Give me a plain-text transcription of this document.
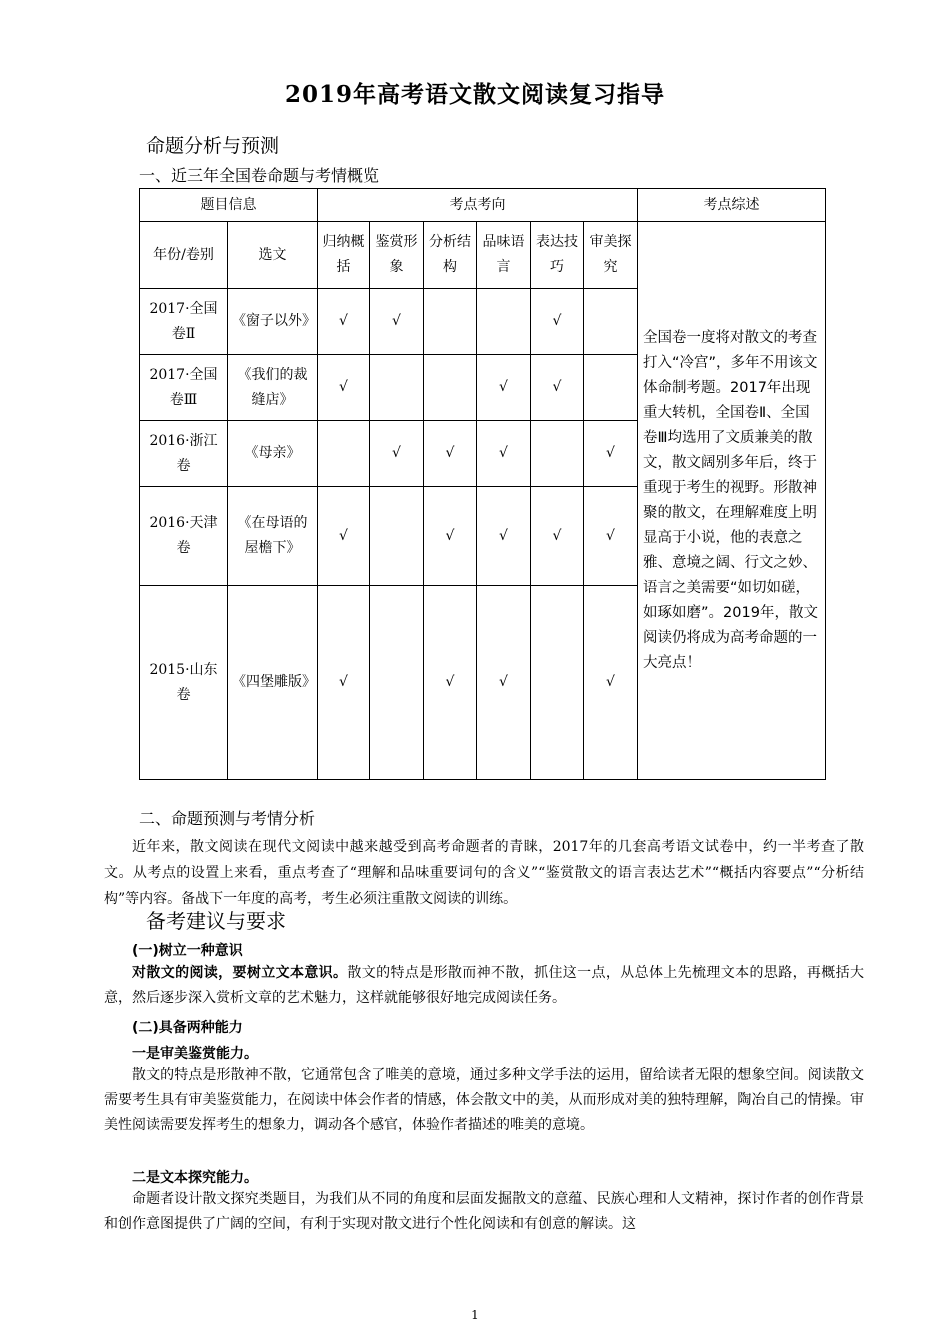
2019年高考语文散文阅读复习指导
命题分析与预测
一、近三年全国卷命题与考情概览
题目信息		考点考向						考点综述
年份/卷别	选文	归纳概括	鉴赏形象	分析结构	品味语言	表达技巧	审美探究	全国卷一度将对散文的考查打入“冷宫”，多年不用该文体命制考题。2017年出现重大转机，全国卷Ⅱ、全国卷Ⅲ均选用了文质兼美的散文，散文阔别多年后，终于重现于考生的视野。形散神聚的散文，在理解难度上明显高于小说，他的表意之雅、意境之阔、行文之妙、语言之美需要“如切如磋，如琢如磨”。2019年，散文阅读仍将成为高考命题的一大亮点！
2017·全国卷Ⅱ	《窗子以外》	√	√			√		
2017·全国卷Ⅲ	《我们的裁缝店》	√			√	√		
2016·浙江卷	《母亲》		√	√	√		√	
2016·天津卷	《在母语的屋檐下》	√		√	√	√	√	
2015·山东卷	《四堡雕版》	√		√	√		√	
二、命题预测与考情分析
近年来，散文阅读在现代文阅读中越来越受到高考命题者的青睐，2017年的几套高考语文试卷中，约一半考查了散文。从考点的设置上来看，重点考查了“理解和品味重要词句的含义”“鉴赏散文的语言表达艺术”“概括内容要点”“分析结构”等内容。备战下一年度的高考，考生必须注重散文阅读的训练。
备考建议与要求
(一)树立一种意识
对散文的阅读，要树立文本意识。散文的特点是形散而神不散，抓住这一点，从总体上先梳理文本的思路，再概括大意，然后逐步深入赏析文章的艺术魅力，这样就能够很好地完成阅读任务。
(二)具备两种能力
一是审美鉴赏能力。
散文的特点是形散神不散，它通常包含了唯美的意境，通过多种文学手法的运用，留给读者无限的想象空间。阅读散文需要考生具有审美鉴赏能力，在阅读中体会作者的情感，体会散文中的美，从而形成对美的独特理解，陶冶自己的情操。审美性阅读需要发挥考生的想象力，调动各个感官，体验作者描述的唯美的意境。
二是文本探究能力。
命题者设计散文探究类题目，为我们从不同的角度和层面发掘散文的意蕴、民族心理和人文精神，探讨作者的创作背景和创作意图提供了广阔的空间，有利于实现对散文进行个性化阅读和有创意的解读。这
1
